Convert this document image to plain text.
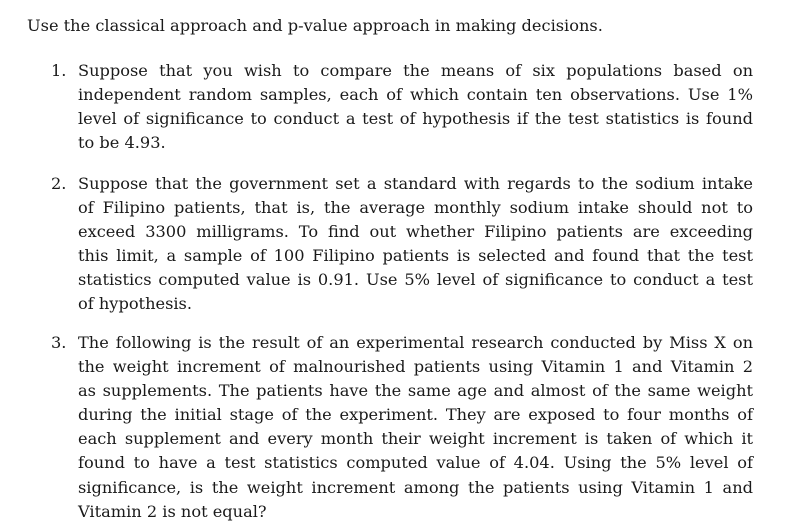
Use the classical approach and p-value approach in making decisions.
1. Suppose that you wish to compare the means of six populations based on
independent random samples, each of which contain ten observations. Use 1%
level of significance to conduct a test of hypothesis if the test statistics is found
to be 4.93.
2. Suppose that the government set a standard with regards to the sodium intake
of Filipino patients, that is, the average monthly sodium intake should not to
exceed 3300 milligrams. To find out whether Filipino patients are exceeding
this limit, a sample of 100 Filipino patients is selected and found that the test
statistics computed value is 0.91. Use 5% level of significance to conduct a test
of hypothesis.
3. The following is the result of an experimental research conducted by Miss X on
the weight increment of malnourished patients using Vitamin 1 and Vitamin 2
as supplements. The patients have the same age and almost of the same weight
during the initial stage of the experiment. They are exposed to four months of
each supplement and every month their weight increment is taken of which it
found to have a test statistics computed value of 4.04. Using the 5% level of
significance, is the weight increment among the patients using Vitamin 1 and
Vitamin 2 is not equal?
